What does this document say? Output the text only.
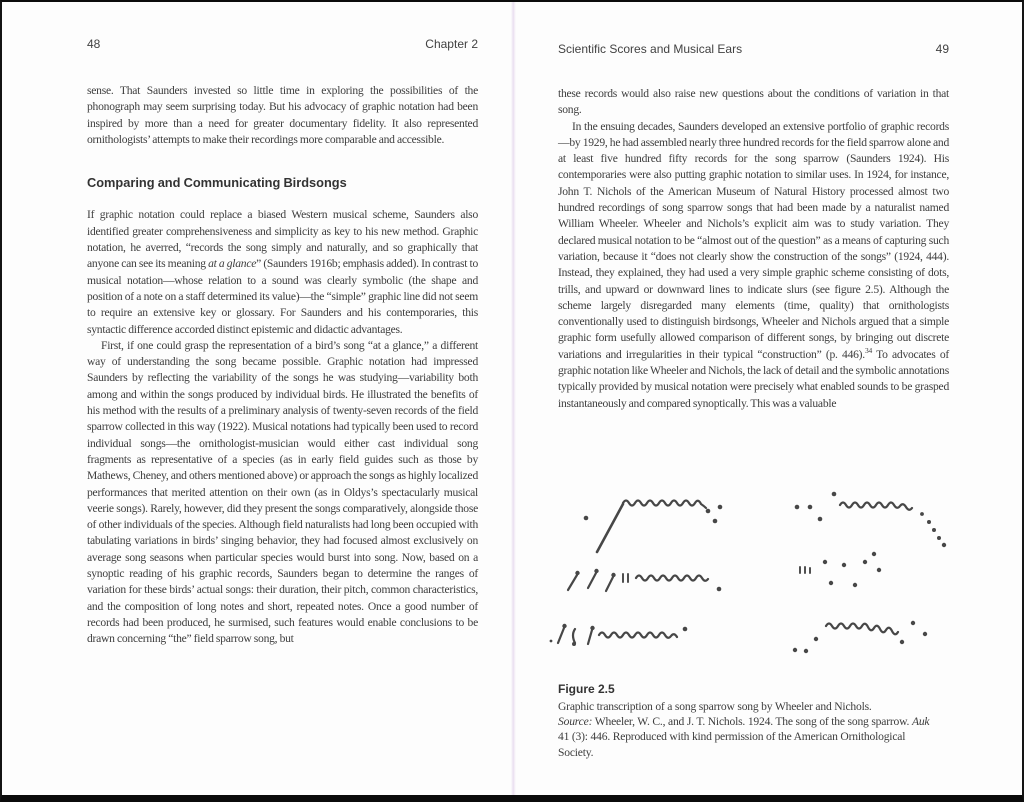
48	Chapter 2

sense. That Saunders invested so little time in exploring the possibilities of the phonograph may seem surprising today. But his advocacy of graphic notation had been inspired by more than a need for greater documentary fidelity. It also represented ornithologists’ attempts to make their recordings more comparable and accessible.

Comparing and Communicating Birdsongs

If graphic notation could replace a biased Western musical scheme, Saunders also identified greater comprehensiveness and simplicity as key to his new method. Graphic notation, he averred, “records the song simply and naturally, and so graphically that anyone can see its meaning at a glance” (Saunders 1916b; emphasis added). In contrast to musical notation—whose relation to a sound was clearly symbolic (the shape and position of a note on a staff determined its value)—the “simple” graphic line did not seem to require an extensive key or glossary. For Saunders and his contemporaries, this syntactic difference accorded distinct epistemic and didactic advantages.

First, if one could grasp the representation of a bird’s song “at a glance,” a different way of understanding the song became possible. Graphic notation had impressed Saunders by reflecting the variability of the songs he was studying—variability both among and within the songs produced by individual birds. He illustrated the benefits of his method with the results of a preliminary analysis of twenty-seven records of the field sparrow collected in this way (1922). Musical notations had typically been used to record individual songs—the ornithologist-musician would either cast individual song fragments as representative of a species (as in early field guides such as those by Mathews, Cheney, and others mentioned above) or approach the songs as highly localized performances that merited attention on their own (as in Oldys’s spectacularly musical veerie songs). Rarely, however, did they present the songs comparatively, alongside those of other individuals of the species. Although field naturalists had long been occupied with tabulating variations in birds’ singing behavior, they had focused almost exclusively on average song seasons when particular species would burst into song. Now, based on a synoptic reading of his graphic records, Saunders began to determine the ranges of variation for these birds’ actual songs: their duration, their pitch, common characteristics, and the composition of long notes and short, repeated notes. Once a good number of records had been produced, he surmised, such features would enable conclusions to be drawn concerning “the” field sparrow song, but

Scientific Scores and Musical Ears	49

these records would also raise new questions about the conditions of variation in that song.

In the ensuing decades, Saunders developed an extensive portfolio of graphic records—by 1929, he had assembled nearly three hundred records for the field sparrow alone and at least five hundred fifty records for the song sparrow (Saunders 1924). His contemporaries were also putting graphic notation to similar uses. In 1924, for instance, John T. Nichols of the American Museum of Natural History processed almost two hundred recordings of song sparrow songs that had been made by a naturalist named William Wheeler. Wheeler and Nichols’s explicit aim was to study variation. They declared musical notation to be “almost out of the question” as a means of capturing such variation, because it “does not clearly show the construction of the songs” (1924, 444). Instead, they explained, they had used a very simple graphic scheme consisting of dots, trills, and upward or downward lines to indicate slurs (see figure 2.5). Although the scheme largely disregarded many elements (time, quality) that ornithologists conventionally used to distinguish birdsongs, Wheeler and Nichols argued that a simple graphic form usefully allowed comparison of different songs, by bringing out discrete variations and irregularities in their typical “construction” (p. 446).$^{34}$ To advocates of graphic notation like Wheeler and Nichols, the lack of detail and the symbolic annotations typically provided by musical notation were precisely what enabled sounds to be grasped instantaneously and compared synoptically. This was a valuable

Figure 2.5
Graphic transcription of a song sparrow song by Wheeler and Nichols.
Source: Wheeler, W. C., and J. T. Nichols. 1924. The song of the song sparrow. Auk 41 (3): 446. Reproduced with kind permission of the American Ornithological Society.
